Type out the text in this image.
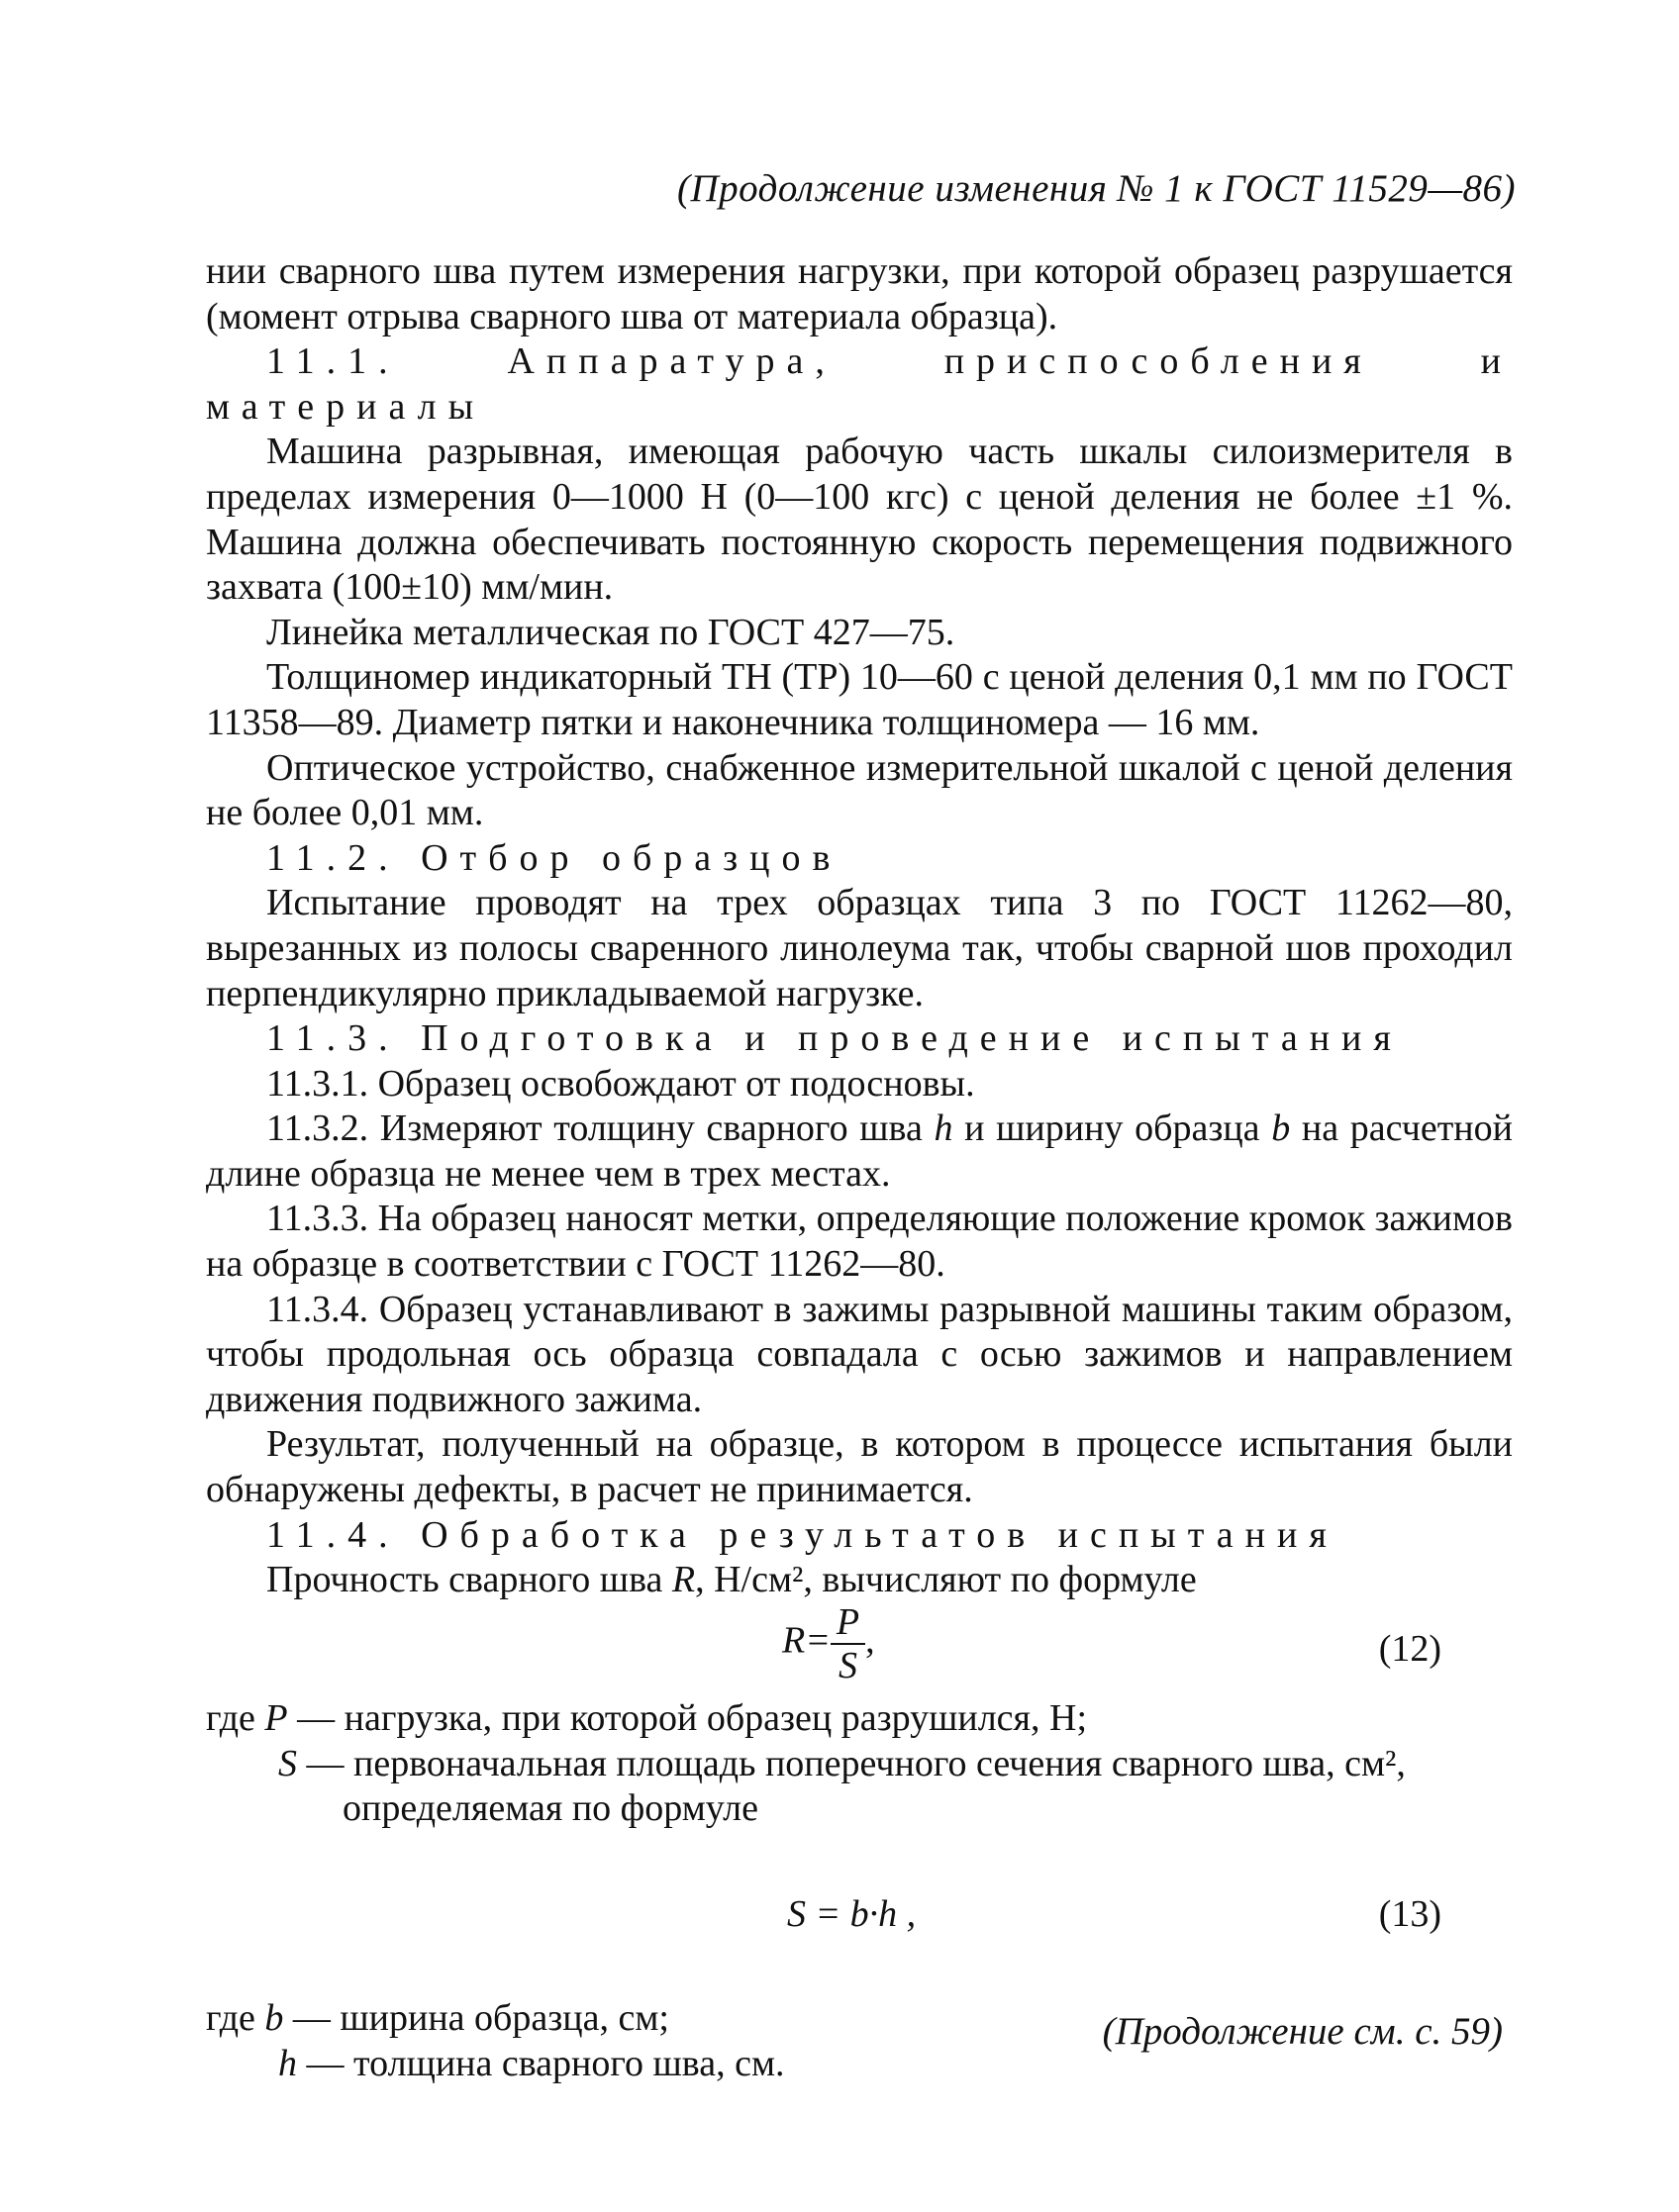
(Продолжение изменения № 1 к ГОСТ 11529—86)

нии сварного шва путем измерения нагрузки, при которой образец разрушается (момент отрыва сварного шва от материала образца).

11.1. Аппаратура, приспособления и материалы

Машина разрывная, имеющая рабочую часть шкалы силоизмерителя в пределах измерения 0—1000 Н (0—100 кгс) с ценой деления не более ±1 %. Машина должна обеспечивать постоянную скорость перемещения подвижного захвата (100±10) мм/мин.

Линейка металлическая по ГОСТ 427—75.

Толщиномер индикаторный ТН (ТР) 10—60 с ценой деления 0,1 мм по ГОСТ 11358—89. Диаметр пятки и наконечника толщиномера — 16 мм.

Оптическое устройство, снабженное измерительной шкалой с ценой деления не более 0,01 мм.

11.2. Отбор образцов

Испытание проводят на трех образцах типа 3 по ГОСТ 11262—80, вырезанных из полосы сваренного линолеума так, чтобы сварной шов проходил перпендикулярно прикладываемой нагрузке.

11.3. Подготовка и проведение испытания

11.3.1. Образец освобождают от подосновы.

11.3.2. Измеряют толщину сварного шва h и ширину образца b на расчетной длине образца не менее чем в трех местах.

11.3.3. На образец наносят метки, определяющие положение кромок зажимов на образце в соответствии с ГОСТ 11262—80.

11.3.4. Образец устанавливают в зажимы разрывной машины таким образом, чтобы продольная ось образца совпадала с осью зажимов и направлением движения подвижного зажима.

Результат, полученный на образце, в котором в процессе испытания были обнаружены дефекты, в расчет не принимается.

11.4. Обработка результатов испытания

Прочность сварного шва R, Н/см², вычисляют по формуле

$R= \frac{P}{S}$ ,	(12)
где P — нагрузка, при которой образец разрушился, Н;
S — первоначальная площадь поперечного сечения сварного шва, см²,
определяемая по формуле
S = b·h ,	(13)
где b — ширина образца, см;
h — толщина сварного шва, см.
(Продолжение см. с. 59)
